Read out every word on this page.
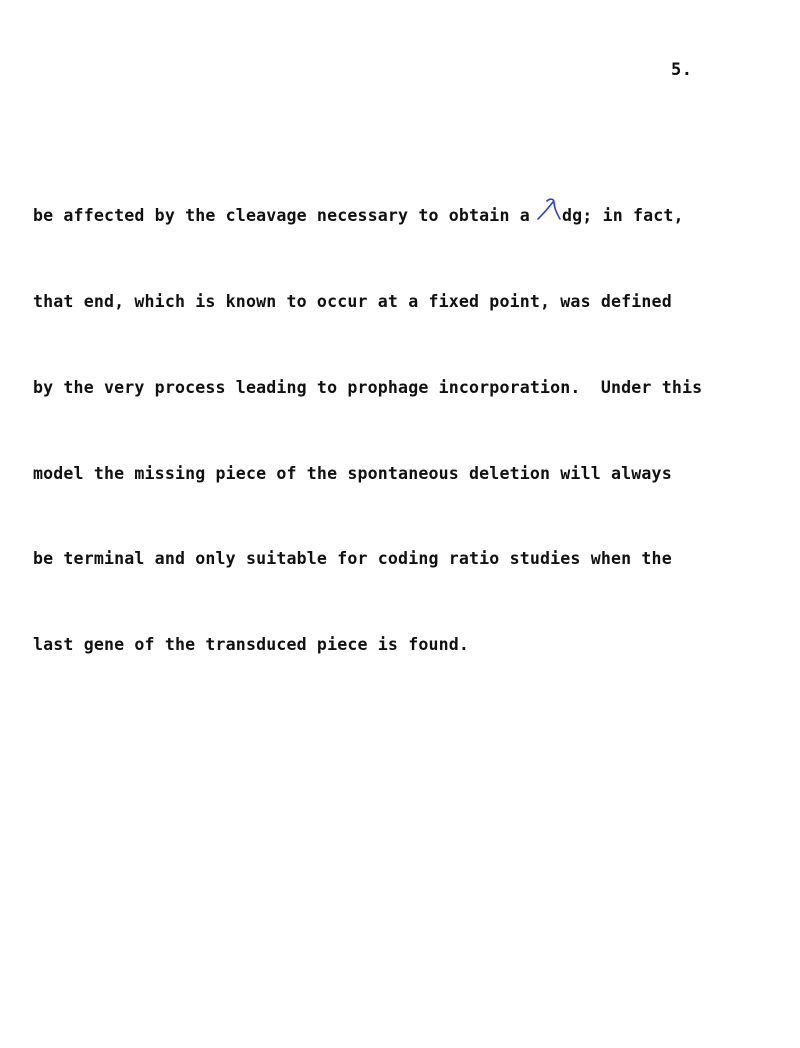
5.

be affected by the cleavage necessary to obtain a
dg; in fact,

that end, which is known to occur at a fixed point, was defined

by the very process leading to prophage incorporation.  Under this

model the missing piece of the spontaneous deletion will always

be terminal and only suitable for coding ratio studies when the

last gene of the transduced piece is found.
